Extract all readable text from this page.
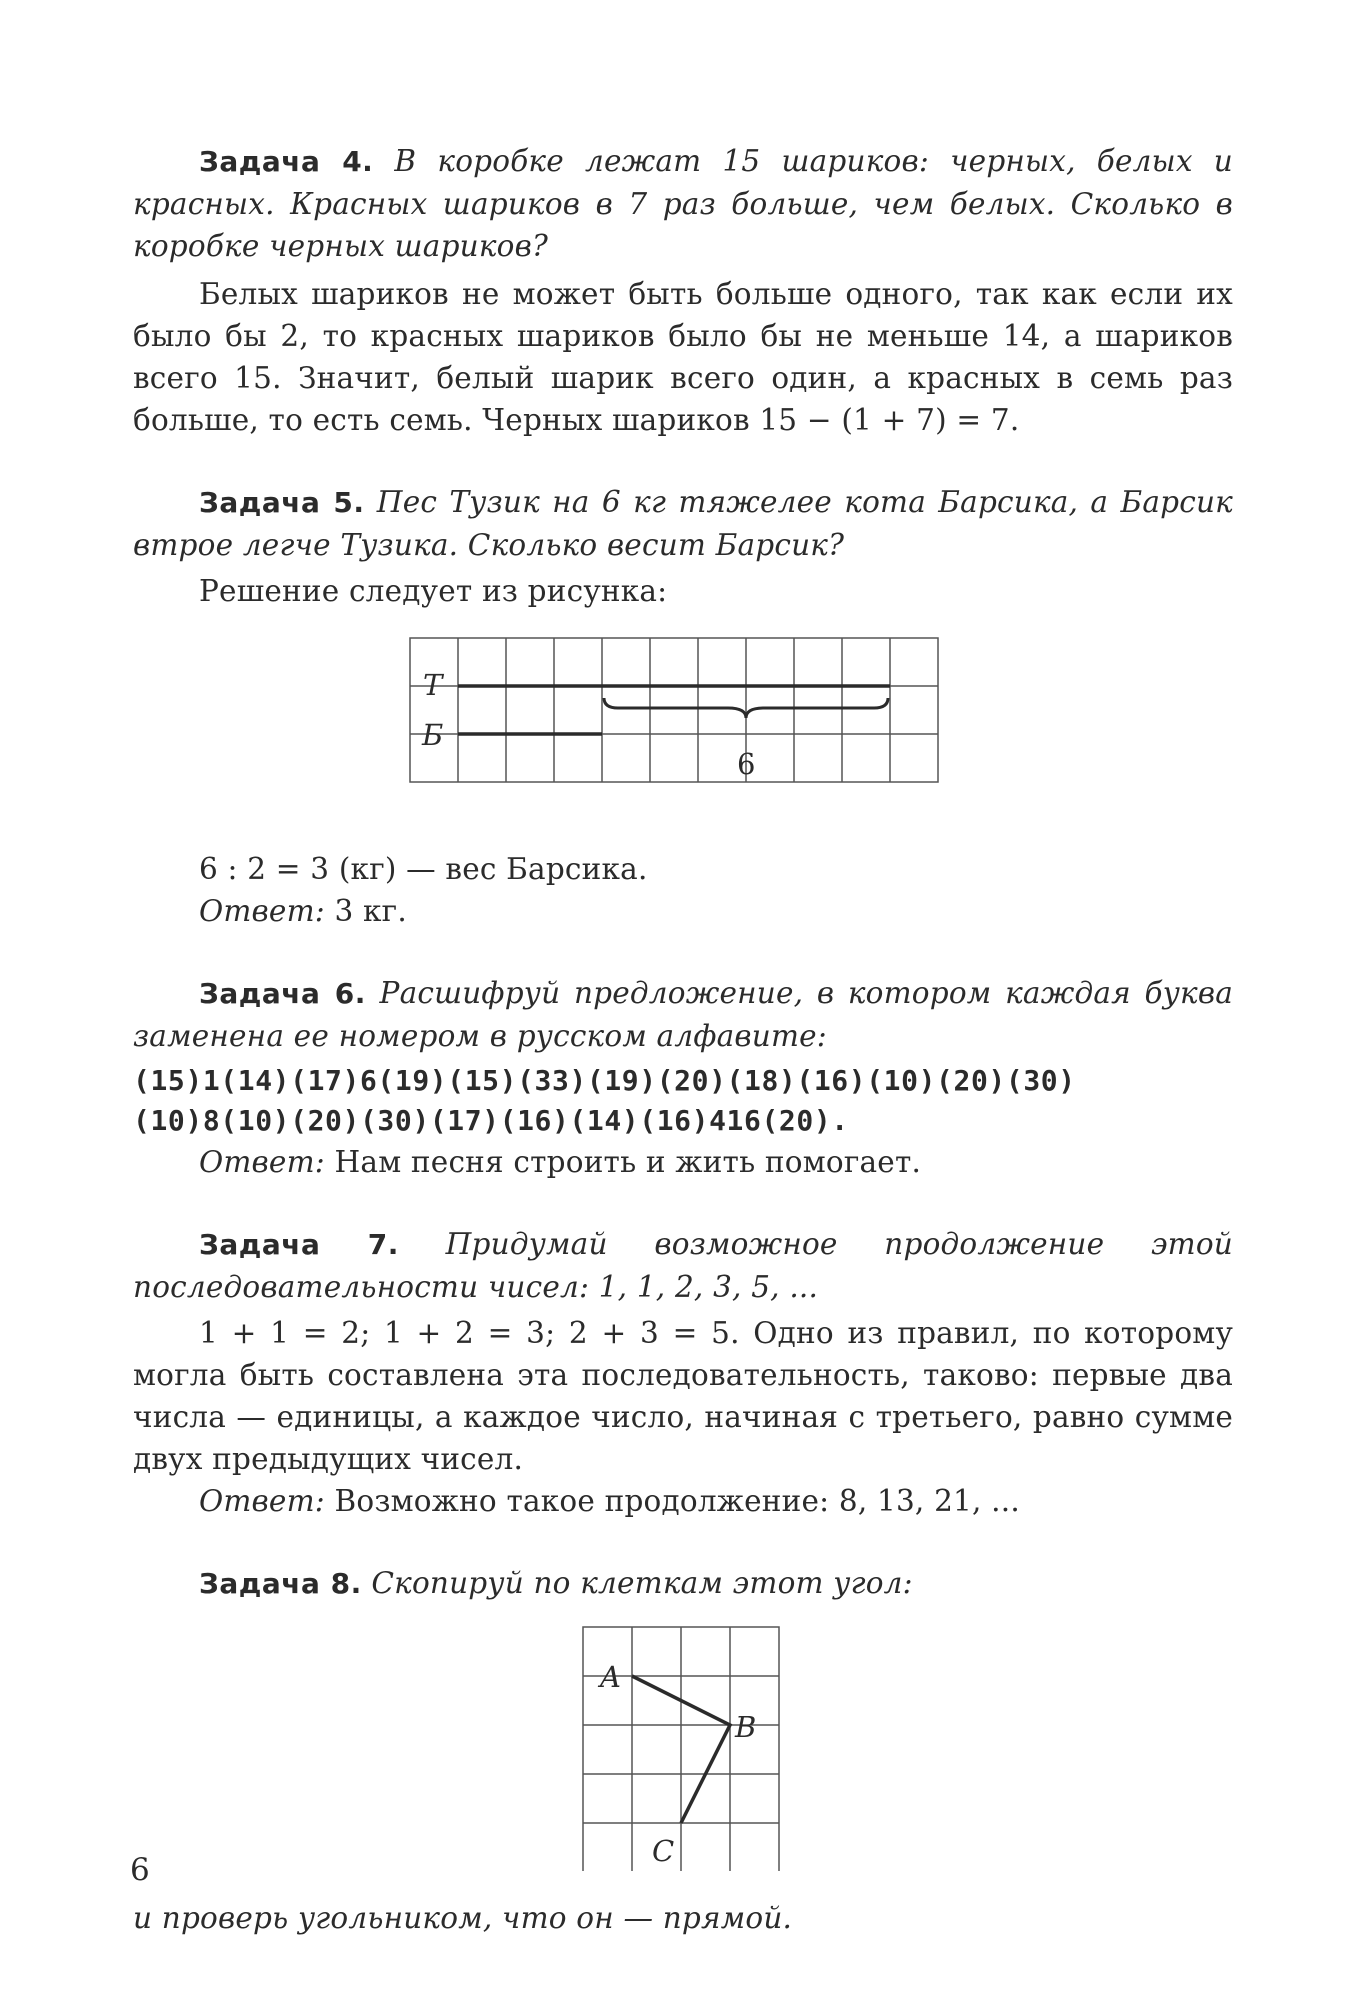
Задача 4. В коробке лежат 15 шариков: черных, белых и красных. Красных шариков в 7 раз больше, чем белых. Сколько в коробке черных шариков?

Белых шариков не может быть больше одного, так как если их было бы 2, то красных шариков было бы не меньше 14, а шариков всего 15. Значит, белый шарик всего один, а красных в семь раз больше, то есть семь. Черных шариков 15 − (1 + 7) = 7.

Задача 5. Пес Тузик на 6 кг тяжелее кота Барсика, а Барсик втрое легче Тузика. Сколько весит Барсик?

Решение следует из рисунка:

Т
Б
6

6 : 2 = 3 (кг) — вес Барсика.

Ответ: 3 кг.

Задача 6. Расшифруй предложение, в котором каждая буква заменена ее номером в русском алфавите:

(15)1(14)(17)6(19)(15)(33)(19)(20)(18)(16)(10)(20)(30)

(10)8(10)(20)(30)(17)(16)(14)(16)416(20).

Ответ: Нам песня строить и жить помогает.

Задача 7. Придумай возможное продолжение этой последовательности чисел: 1, 1, 2, 3, 5, ...

1 + 1 = 2; 1 + 2 = 3; 2 + 3 = 5. Одно из правил, по которому могла быть составлена эта последовательность, таково: первые два числа — единицы, а каждое число, начиная с третьего, равно сумме двух предыдущих чисел.

Ответ: Возможно такое продолжение: 8, 13, 21, ...

Задача 8. Скопируй по клеткам этот угол:

A
B
C

и проверь угольником, что он — прямой.

6
